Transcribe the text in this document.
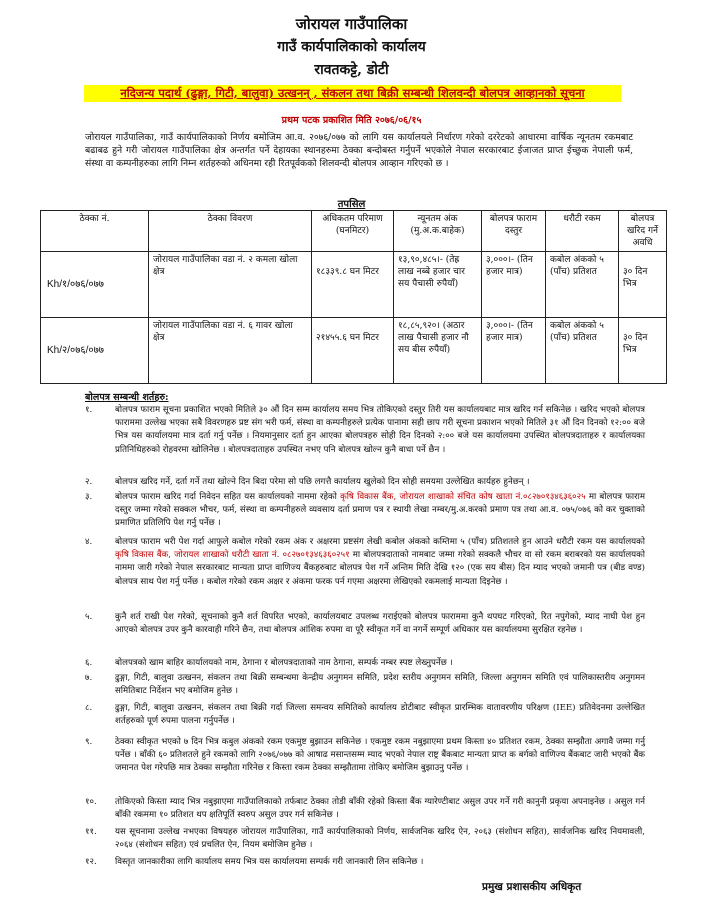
जोरायल गाउँपालिका
गाउँ कार्यपालिकाको कार्यालय
रावतकट्टे, डोटी
नदिजन्य पदार्थ (ढुङ्गा, गिटी, बालुवा) उत्खनन् , संकलन तथा बिक्री सम्बन्धी शिलवन्दी बोलपत्र आव्हानको सूचना
प्रथम पटक प्रकाशित मिति २०७६/०६/१५
जोरायल गाउँपालिका, गाउँ कार्यपालिकाको निर्णय बमोजिम आ.व. २०७६/०७७ को लागि यस कार्यालयले निर्धारण गरेको दररेटको आधारमा वार्षिक न्यूनतम रकमबाट बढाबढ हुने गरी जोरायल गाउँपालिका क्षेत्र अन्तर्गत पर्ने देहायका स्थानहरुमा ठेक्का बन्दोबस्त गर्नुपर्ने भएकोले नेपाल सरकारबाट ईजाजत प्राप्त ईच्छुक नेपाली फर्म, संस्था वा कम्पनीहरुका लागि निम्न शर्तहरुको अधिनमा रही रितपूर्वकको शिलवन्दी बोलपत्र आव्हान गरिएको छ ।
तपसिल
ठेक्का नं.	ठेक्का विवरण	अधिकतम परिमाण (घनमिटर)	न्यूनतम अंक (मु.अ.क.बाहेक)	बोलपत्र फाराम दस्तुर	धरौटी रकम	बोलपत्र खरिद गर्ने अवधि
Kh/१/०७६/०७७	जोरायल गाउँपालिका वडा नं. २ कमला खोला क्षेत्र	१८३३९.८ घन मिटर	१३,९०,४८५।- (तेह्र लाख नब्बे हजार चार सय पैचासी रुपैयाँ)	३,०००।- (तिन हजार मात्र)	कबोल अंकको ५ (पाँच) प्रतिशत	३० दिन भित्र
Kh/२/०७६/०७७	जोरायल गाउँपालिका वडा नं. ६ गावर खोला क्षेत्र	२१४५५.६ घन मिटर	१८,८५,९२०। (अठार लाख पैचासी हजार नौ सय बीस रुपैयाँ)	३,०००।- (तिन हजार मात्र)	कबोल अंकको ५ (पाँच) प्रतिशत	३० दिन भित्र
बोलपत्र सम्बन्धी शर्तहरु:
१.	बोलपत्र फाराम सूचना प्रकाशित भएको मितिले ३० औं दिन सम्म कार्यालय समय भित्र तोकिएको दस्तुर तिरी यस कार्यालयबाट मात्र खरिद गर्न सकिनेछ । खरिद भएको बोलपत्र फाराममा उल्लेख भएका सबै विवरणहरु प्रष्ट संग भरी फर्म, संस्था वा कम्पनीहरुले प्रत्येक पानामा सही छाप गरी सूचना प्रकाशन भएको मितिले ३१ औं दिन दिनको १२:०० बजे भित्र यस कार्यालयमा मात्र दर्ता गर्नु पर्नेछ । नियमानुसार दर्ता हुन आएका बोलपत्रहरु सोही दिन दिनको २:०० बजे यस कार्यालयमा उपस्थित बोलपत्रदाताहरु र कार्यालयका प्रतिनिधिहरुको रोहवरमा खोलिनेछ । बोलपत्रदाताहरु उपस्थित नभए पनि बोलपत्र खोल्न कुनै बाधा पर्ने छैन ।
२.	बोलपत्र खरिद गर्ने, दर्ता गर्ने तथा खोल्ने दिन बिदा परेमा सो पछि लगत्तै कार्यालय खुलेको दिन सोही समयमा उल्लेखित कार्यहरु हुनेछन् ।
३.	बोलपत्र फाराम खरिद गर्दा निवेदन सहित यस कार्यालयको नाममा रहेको कृषि विकास बैंक, जोरायल शाखाको संचित कोष खाता नं.०८२७०१३४६३६०२५ मा बोलपत्र फाराम दस्तुर जम्मा गरेको सक्कल भौचर, फर्म, संस्था वा कम्पनीहरुले व्यवसाय दर्ता प्रमाण पत्र र स्थायी लेखा नम्बर/मु.अ.करको प्रमाण पत्र तथा आ.व. ०७५/०७६ को कर चुक्ताको प्रमाणित प्रतिलिपि पेश गर्नु पर्नेछ ।
४.	बोलपत्र फाराम भरी पेश गर्दा आफुले कबोल गरेको रकम अंक र अक्षरमा प्रष्टसंग लेखी कबोल अंकको कम्तिमा ५ (पाँच) प्रतिशतले हुन आउने धरौटी रकम यस कार्यालयको कृषि विकास बैंक, जोरायल शाखाको धरौटी खाता नं. ०८२७०१३४६३६०२५१ मा बोलपत्रदाताको नामबाट जम्मा गरेको सक्कलै भौचर वा सो रकम बराबरको यस कार्यालयको नाममा जारी गरेको नेपाल सरकारबाट मान्यता प्राप्त वाणिज्य बैंकहरुबाट बोलपत्र पेश गर्ने अन्तिम मिति देखि १२० (एक सय बीस) दिन म्याद भएको जमानी पत्र (बीड वण्ड) बोलपत्र साथ पेश गर्नु पर्नेछ । कबोल गरेको रकम अक्षर र अंकमा फरक पर्न गएमा अक्षरमा लेखिएको रकमलाई मान्यता दिइनेछ ।
५.	कुनै शर्त राखी पेश गरेको, सूचनाको कुनै शर्त विपरित भएको, कार्यालयबाट उपलब्ध गराईएको बोलपत्र फाराममा कुनै थपघट गरिएको, रित नपुगेको, म्याद नाघी पेश हुन आएको बोलपत्र उपर कुनै कारवाही गरिने छैन, तथा बोलपत्र आंशिक रुपमा वा पूरै स्वीकृत गर्ने वा नगर्ने सम्पूर्ण अधिकार यस कार्यालयमा सुरक्षित रहनेछ ।
६.	बोलपत्रको खाम बाहिर कार्यालयको नाम, ठेगाना र बोलपत्रदाताको नाम ठेगाना, सम्पर्क नम्बर स्पष्ट लेख्नुपर्नेछ ।
७.	ढुङ्गा, गिटी, बालुवा उत्खनन, संकलन तथा बिक्री सम्बन्धमा केन्द्रीय अनुगमन समिति, प्रदेश स्तरीय अनुगमन समिति, जिल्ला अनुगमन समिति एवं पालिकास्तरीय अनुगमन समितिबाट निर्देशन भए बमोजिम हुनेछ ।
८.	ढुङ्गा, गिटी, बालुवा उत्खनन, संकलन तथा बिक्री गर्दा जिल्ला समन्वय समितिको कार्यालय डोटीबाट स्वीकृत प्रारम्भिक वातावरणीय परिक्षण (IEE) प्रतिवेदनमा उल्लेखित शर्तहरुको पूर्ण रुपमा पालना गर्नुपर्नेछ ।
९.	ठेक्का स्वीकृत भएको ७ दिन भित्र कबुल अंकको रकम एकमुष्ट बुझाउन सकिनेछ । एकमुष्ट रकम नबुझाएमा प्रथम किस्ता ४० प्रतिशत रकम, ठेक्का सम्झौता अगावै जम्मा गर्नु पर्नेछ । बाँकी ६० प्रतिशतले हुने रकमको लागि २०७६/०७७ को आषाढ मसान्तसम्म म्याद भएको नेपाल राष्ट्र बैंकबाट मान्यता प्राप्त क बर्गको वाणिज्य बैंकबाट जारी भएको बैंक जमानत पेश गरेपछि मात्र ठेक्का सम्झौता गरिनेछ र किस्ता रकम ठेक्का सम्झौतामा तोकिए बमोजिम बुझाउनु पर्नेछ ।
१०.	तोकिएको किस्ता म्याद भित्र नबुझाएमा गाउँपालिकाको तर्फबाट ठेक्का तोडी बाँकी रहेको किस्ता बैंक ग्यारेण्टीबाट असुल उपर गर्ने गरी कानुनी प्रकृया अपनाइनेछ । असुल गर्न बाँकी रकममा १० प्रतिशत थप क्षतिपूर्ति स्वरुप असुल उपर गर्न सकिनेछ ।
११.	यस सूचनामा उल्लेख नभएका विषयहरु जोरायल गाउँपालिका, गाउँ कार्यपालिकाको निर्णय, सार्वजनिक खरिद ऐन, २०६३ (संशोधन सहित), सार्वजनिक खरिद नियमावली, २०६४ (संशोधन सहित) एवं प्रचलित ऐन, नियम बमोजिम हुनेछ ।
१२.	विस्तृत जानकारीका लागि कार्यालय समय भित्र यस कार्यालयमा सम्पर्क गरी जानकारी लिन सकिनेछ ।
प्रमुख प्रशासकीय अधिकृत
